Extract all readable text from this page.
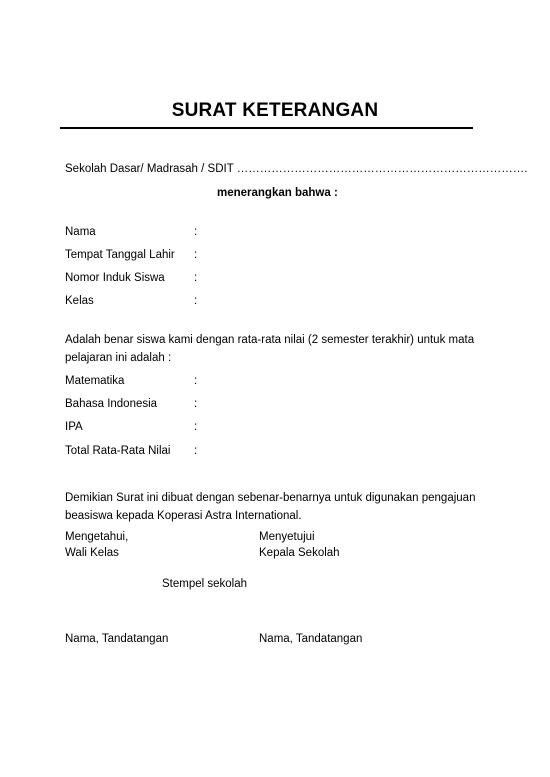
SURAT KETERANGAN
Sekolah Dasar/ Madrasah / SDIT ………………………………………………………………….
menerangkan bahwa :
Nama	:
Tempat Tanggal Lahir :
Nomor Induk Siswa	:
Kelas	:
Adalah benar siswa kami dengan rata-rata nilai (2 semester terakhir) untuk mata pelajaran ini adalah :
Matematika	:
Bahasa Indonesia	:
IPA	:
Total Rata-Rata Nilai :
Demikian Surat ini dibuat dengan sebenar-benarnya untuk digunakan pengajuan beasiswa kepada Koperasi Astra International.
Mengetahui,
Wali Kelas
Menyetujui
Kepala Sekolah
Stempel sekolah
Nama, Tandatangan	Nama, Tandatangan
